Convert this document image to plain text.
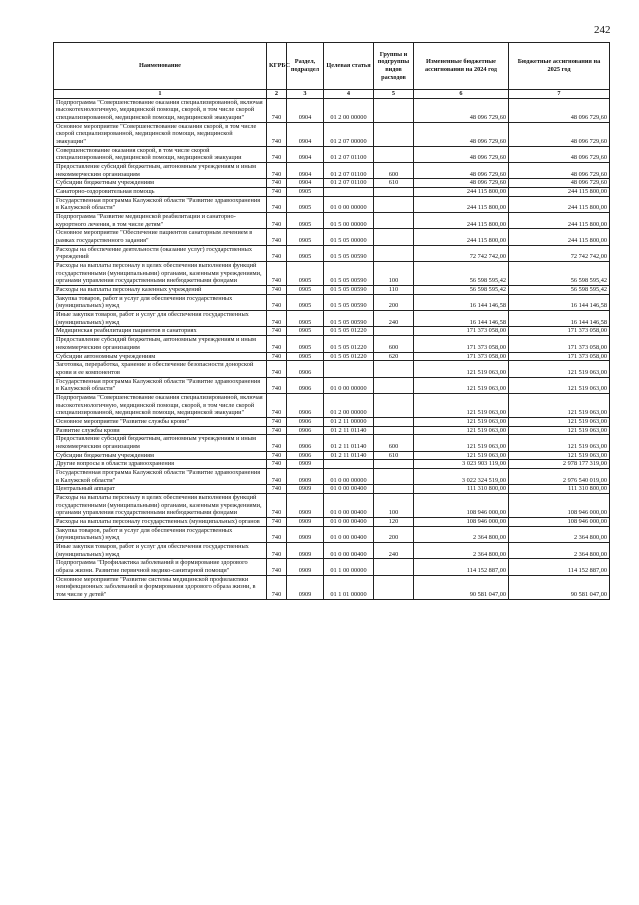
242
Наименование	КГРБС	Раздел, подраздел	Целевая статья	Группы и подгруппы видов расходов	Измененные бюджетные ассигнования на 2024 год	Бюджетные ассигнования на 2025 год
1	2	3	4	5	6	7
Подпрограмма "Совершенствование оказания специализированной, включая высокотехнологичную, медицинской помощи, скорой, в том числе скорой специализированной, медицинской помощи, медицинской эвакуации"	740	0904	01 2 00 00000		48 096 729,60	48 096 729,60
Основное мероприятие "Совершенствование оказания скорой, в том числе скорой специализированной, медицинской помощи, медицинской эвакуации"	740	0904	01 2 07 00000		48 096 729,60	48 096 729,60
Совершенствование оказания скорой, в том числе скорой специализированной, медицинской помощи, медицинской эвакуации	740	0904	01 2 07 01100		48 096 729,60	48 096 729,60
Предоставление субсидий бюджетным, автономным учреждениям и иным некоммерческим организациям	740	0904	01 2 07 01100	600	48 096 729,60	48 096 729,60
Субсидии бюджетным учреждениям	740	0904	01 2 07 01100	610	48 096 729,60	48 096 729,60
Санаторно-оздоровительная помощь	740	0905			244 115 800,00	244 115 800,00
Государственная программа Калужской области "Развитие здравоохранения в Калужской области"	740	0905	01 0 00 00000		244 115 800,00	244 115 800,00
Подпрограмма "Развитие медицинской реабилитации и санаторно-курортного лечения, в том числе детям"	740	0905	01 5 00 00000		244 115 800,00	244 115 800,00
Основное мероприятие "Обеспечение пациентов санаторным лечением в рамках государственного задания"	740	0905	01 5 05 00000		244 115 800,00	244 115 800,00
Расходы на обеспечение деятельности (оказание услуг) государственных учреждений	740	0905	01 5 05 00590		72 742 742,00	72 742 742,00
Расходы на выплаты персоналу в целях обеспечения выполнения функций государственными (муниципальными) органами, казенными учреждениями, органами управления государственными внебюджетными фондами	740	0905	01 5 05 00590	100	56 598 595,42	56 598 595,42
Расходы на выплаты персоналу казенных учреждений	740	0905	01 5 05 00590	110	56 598 595,42	56 598 595,42
Закупка товаров, работ и услуг для обеспечения государственных (муниципальных) нужд	740	0905	01 5 05 00590	200	16 144 146,58	16 144 146,58
Иные закупки товаров, работ и услуг для обеспечения государственных (муниципальных) нужд	740	0905	01 5 05 00590	240	16 144 146,58	16 144 146,58
Медицинская реабилитация пациентов в санаториях	740	0905	01 5 05 01220		171 373 058,00	171 373 058,00
Предоставление субсидий бюджетным, автономным учреждениям и иным некоммерческим организациям	740	0905	01 5 05 01220	600	171 373 058,00	171 373 058,00
Субсидии автономным учреждениям	740	0905	01 5 05 01220	620	171 373 058,00	171 373 058,00
Заготовка, переработка, хранение и обеспечение безопасности донорской крови и ее компонентов	740	0906			121 519 063,00	121 519 063,00
Государственная программа Калужской области "Развитие здравоохранения в Калужской области"	740	0906	01 0 00 00000		121 519 063,00	121 519 063,00
Подпрограмма "Совершенствование оказания специализированной, включая высокотехнологичную, медицинской помощи, скорой, в том числе скорой специализированной, медицинской помощи, медицинской эвакуации"	740	0906	01 2 00 00000		121 519 063,00	121 519 063,00
Основное мероприятие "Развитие службы крови"	740	0906	01 2 11 00000		121 519 063,00	121 519 063,00
Развитие службы крови	740	0906	01 2 11 01140		121 519 063,00	121 519 063,00
Предоставление субсидий бюджетным, автономным учреждениям и иным некоммерческим организациям	740	0906	01 2 11 01140	600	121 519 063,00	121 519 063,00
Субсидии бюджетным учреждениям	740	0906	01 2 11 01140	610	121 519 063,00	121 519 063,00
Другие вопросы в области здравоохранения	740	0909			3 023 903 119,00	2 978 177 319,00
Государственная программа Калужской области "Развитие здравоохранения в Калужской области"	740	0909	01 0 00 00000		3 022 324 519,00	2 976 540 019,00
Центральный аппарат	740	0909	01 0 00 00400		111 310 800,00	111 310 800,00
Расходы на выплаты персоналу в целях обеспечения выполнения функций государственными (муниципальными) органами, казенными учреждениями, органами управления государственными внебюджетными фондами	740	0909	01 0 00 00400	100	108 946 000,00	108 946 000,00
Расходы на выплаты персоналу государственных (муниципальных) органов	740	0909	01 0 00 00400	120	108 946 000,00	108 946 000,00
Закупка товаров, работ и услуг для обеспечения государственных (муниципальных) нужд	740	0909	01 0 00 00400	200	2 364 800,00	2 364 800,00
Иные закупки товаров, работ и услуг для обеспечения государственных (муниципальных) нужд	740	0909	01 0 00 00400	240	2 364 800,00	2 364 800,00
Подпрограмма "Профилактика заболеваний и формирование здорового образа жизни. Развитие первичной медико-санитарной помощи"	740	0909	01 1 00 00000		114 152 887,00	114 152 887,00
Основное мероприятие "Развитие системы медицинской профилактики неинфекционных заболеваний и формирования здорового образа жизни, в том числе у детей"	740	0909	01 1 01 00000		90 581 047,00	90 581 047,00
